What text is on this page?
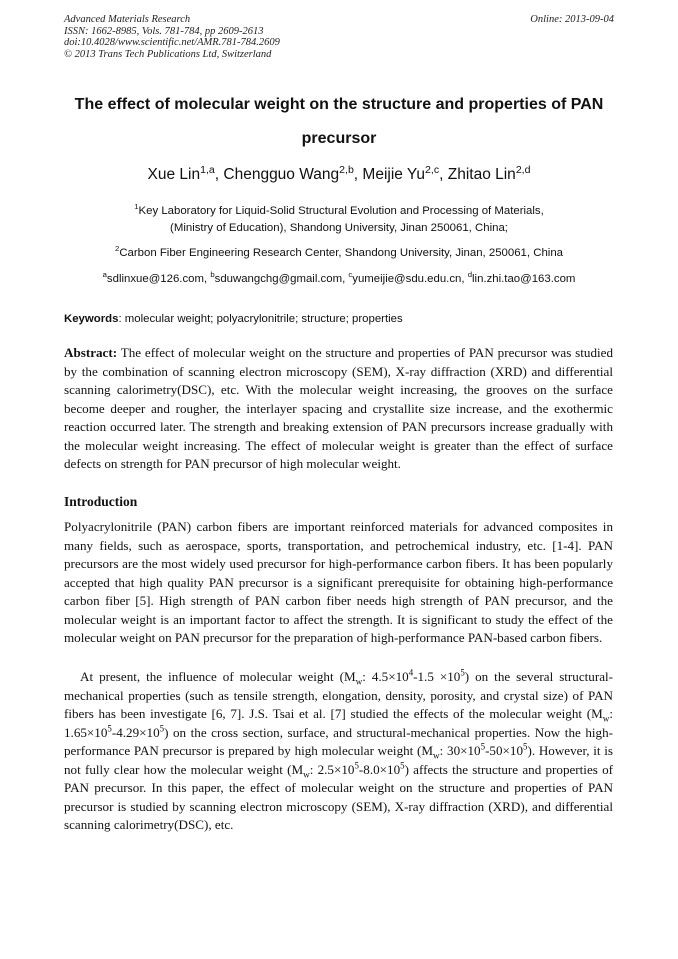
Advanced Materials Research
ISSN: 1662-8985, Vols. 781-784, pp 2609-2613
doi:10.4028/www.scientific.net/AMR.781-784.2609
© 2013 Trans Tech Publications Ltd, Switzerland
Online: 2013-09-04
The effect of molecular weight on the structure and properties of PAN
precursor
Xue Lin$^{1,a}$, Chengguo Wang$^{2,b}$, Meijie Yu$^{2,c}$, Zhitao Lin$^{2,d}$
$^1$Key Laboratory for Liquid-Solid Structural Evolution and Processing of Materials,
(Ministry of Education), Shandong University, Jinan 250061, China;
$^2$Carbon Fiber Engineering Research Center, Shandong University, Jinan, 250061, China
$^a$sdlinxue@126.com, $^b$sduwangchg@gmail.com, $^c$yumeijie@sdu.edu.cn, $^d$lin.zhi.tao@163.com
Keywords: molecular weight; polyacrylonitrile; structure; properties
Abstract: The effect of molecular weight on the structure and properties of PAN precursor was studied by the combination of scanning electron microscopy (SEM), X-ray diffraction (XRD) and differential scanning calorimetry(DSC), etc. With the molecular weight increasing, the grooves on the surface become deeper and rougher, the interlayer spacing and crystallite size increase, and the exothermic reaction occurred later. The strength and breaking extension of PAN precursors increase gradually with the molecular weight increasing. The effect of molecular weight is greater than the effect of surface defects on strength for PAN precursor of high molecular weight.
Introduction
Polyacrylonitrile (PAN) carbon fibers are important reinforced materials for advanced composites in many fields, such as aerospace, sports, transportation, and petrochemical industry, etc. [1-4]. PAN precursors are the most widely used precursor for high-performance carbon fibers. It has been popularly accepted that high quality PAN precursor is a significant prerequisite for obtaining high-performance carbon fiber [5]. High strength of PAN carbon fiber needs high strength of PAN precursor, and the molecular weight is an important factor to affect the strength. It is significant to study the effect of the molecular weight on PAN precursor for the preparation of high-performance PAN-based carbon fibers.
At present, the influence of molecular weight ($M_w$: $4.5\times 10^4-1.5 \times 10^5$) on the several structural-mechanical properties (such as tensile strength, elongation, density, porosity, and crystal size) of PAN fibers has been investigate [6, 7]. J.S. Tsai et al. [7] studied the effects of the molecular weight ($M_w$: $1.65\times 10^5-4.29\times 10^5$) on the cross section, surface, and structural-mechanical properties. Now the high-performance PAN precursor is prepared by high molecular weight ($M_w$: $30\times 10^5-50\times 10^5$). However, it is not fully clear how the molecular weight ($M_w$: $2.5\times 10^5-8.0\times 10^5$) affects the structure and properties of PAN precursor. In this paper, the effect of molecular weight on the structure and properties of PAN precursor is studied by scanning electron microscopy (SEM), X-ray diffraction (XRD), and differential scanning calorimetry(DSC), etc.
